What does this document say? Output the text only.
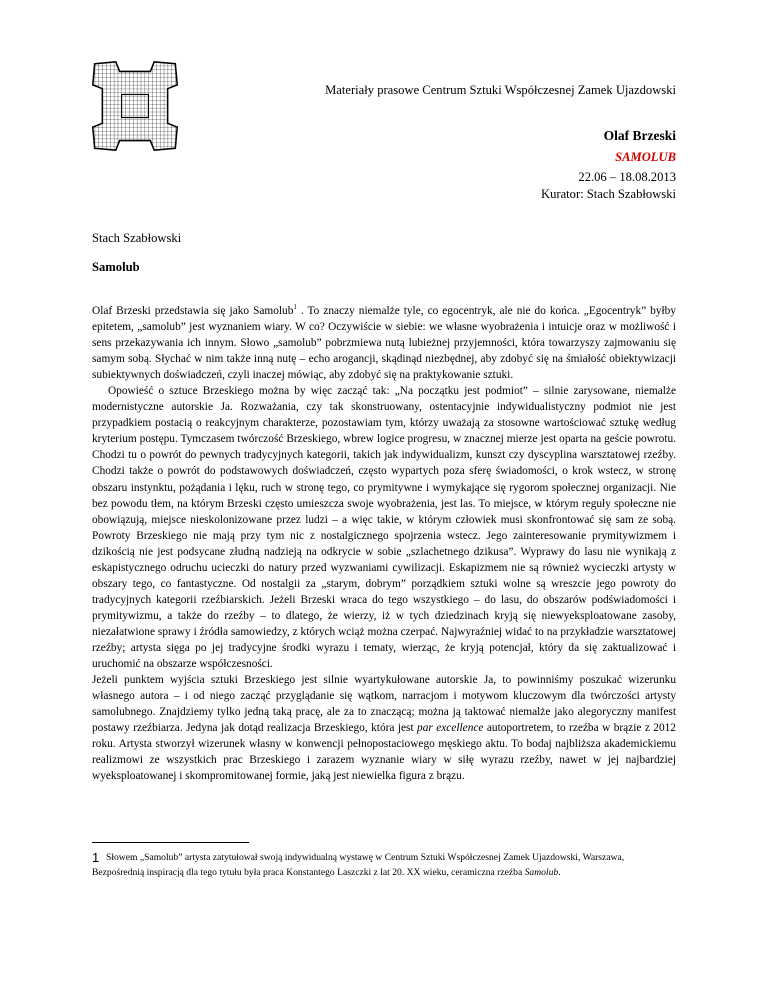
Materiały prasowe Centrum Sztuki Współczesnej Zamek Ujazdowski
Olaf Brzeski
SAMOLUB
22.06 – 18.08.2013
Kurator: Stach Szabłowski
Stach Szabłowski
Samolub

Olaf Brzeski przedstawia się jako Samolub$^1$ . To znaczy niemalże tyle, co egocentryk, ale nie do końca. „Egocentryk” byłby epitetem, „samolub” jest wyznaniem wiary. W co? Oczywiście w siebie: we własne wyobrażenia i intuicje oraz w możliwość i sens przekazywania ich innym. Słowo „samolub” pobrzmiewa nutą lubieżnej przyjemności, która towarzyszy zajmowaniu się samym sobą. Słychać w nim także inną nutę – echo arogancji, skądinąd niezbędnej, aby zdobyć się na śmiałość obiektywizacji subiektywnych doświadczeń, czyli inaczej mówiąc, aby zdobyć się na praktykowanie sztuki.

Opowieść o sztuce Brzeskiego można by więc zacząć tak: „Na początku jest podmiot” – silnie zarysowane, niemalże modernistyczne autorskie Ja. Rozważania, czy tak skonstruowany, ostentacyjnie indywidualistyczny podmiot nie jest przypadkiem postacią o reakcyjnym charakterze, pozostawiam tym, którzy uważają za stosowne wartościować sztukę według kryterium postępu. Tymczasem twórczość Brzeskiego, wbrew logice progresu, w znacznej mierze jest oparta na geście powrotu. Chodzi tu o powrót do pewnych tradycyjnych kategorii, takich jak indywidualizm, kunszt czy dyscyplina warsztatowej rzeźby. Chodzi także o powrót do podstawowych doświadczeń, często wypartych poza sferę świadomości, o krok wstecz, w stronę obszaru instynktu, pożądania i lęku, ruch w stronę tego, co prymitywne i wymykające się rygorom społecznej organizacji. Nie bez powodu tłem, na którym Brzeski często umieszcza swoje wyobrażenia, jest las. To miejsce, w którym reguły społeczne nie obowiązują, miejsce nieskolonizowane przez ludzi – a więc takie, w którym człowiek musi skonfrontować się sam ze sobą. Powroty Brzeskiego nie mają przy tym nic z nostalgicznego spojrzenia wstecz. Jego zainteresowanie prymitywizmem i dzikością nie jest podsycane złudną nadzieją na odkrycie w sobie „szlachetnego dzikusa”. Wyprawy do lasu nie wynikają z eskapistycznego odruchu ucieczki do natury przed wyzwaniami cywilizacji. Eskapizmem nie są również wycieczki artysty w obszary tego, co fantastyczne. Od nostalgii za „starym, dobrym” porządkiem sztuki wolne są wreszcie jego powroty do tradycyjnych kategorii rzeźbiarskich. Jeżeli Brzeski wraca do tego wszystkiego – do lasu, do obszarów podświadomości i prymitywizmu, a także do rzeźby – to dlatego, że wierzy, iż w tych dziedzinach kryją się niewyeksploatowane zasoby, niezałatwione sprawy i źródła samowiedzy, z których wciąż można czerpać. Najwyraźniej widać to na przykładzie warsztatowej rzeźby; artysta sięga po jej tradycyjne środki wyrazu i tematy, wierząc, że kryją potencjał, który da się zaktualizować i uruchomić na obszarze współczesności.

Jeżeli punktem wyjścia sztuki Brzeskiego jest silnie wyartykułowane autorskie Ja, to powinniśmy poszukać wizerunku własnego autora – i od niego zacząć przyglądanie się wątkom, narracjom i motywom kluczowym dla twórczości artysty samolubnego. Znajdziemy tylko jedną taką pracę, ale za to znaczącą; można ją taktować niemalże jako alegoryczny manifest postawy rzeźbiarza. Jedyna jak dotąd realizacja Brzeskiego, która jest par excellence autoportretem, to rzeźba w brązie z 2012 roku. Artysta stworzył wizerunek własny w konwencji pełnopostaciowego męskiego aktu. To bodaj najbliższa akademickiemu realizmowi ze wszystkich prac Brzeskiego i zarazem wyznanie wiary w siłę wyrazu rzeźby, nawet w jej najbardziej wyeksploatowanej i skompromitowanej formie, jaką jest niewielka figura z brązu.

1 Słowem „Samolub” artysta zatytułował swoją indywidualną wystawę w Centrum Sztuki Współczesnej Zamek Ujazdowski, Warszawa,
Bezpośrednią inspiracją dla tego tytułu była praca Konstantego Laszczki z lat 20. XX wieku, ceramiczna rzeźba Samolub.
